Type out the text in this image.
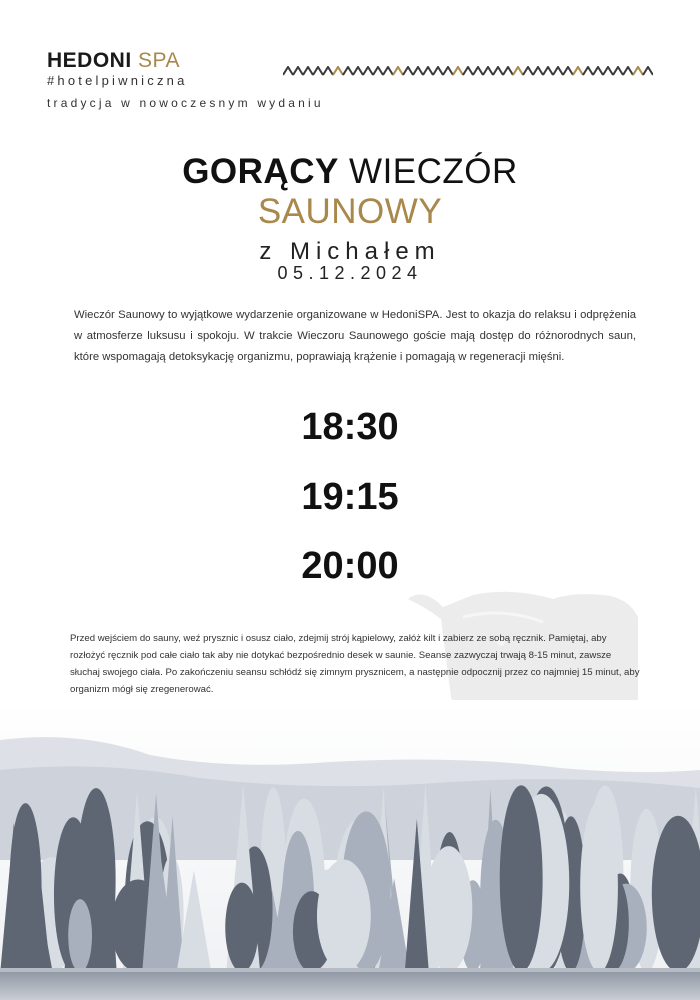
HEDONI SPA
#hotelpiwniczna
tradycja w nowoczesnym wydaniu
GORĄCY WIECZÓR
SAUNOWY
z Michałem
05.12.2024
Wieczór Saunowy to wyjątkowe wydarzenie organizowane w HedoniSPA. Jest to okazja do relaksu i odprężenia w atmosferze luksusu i spokoju. W trakcie Wieczoru Saunowego goście mają dostęp do różnorodnych saun, które wspomagają detoksykację organizmu, poprawiają krążenie i pomagają w regeneracji mięśni.
18:30
19:15
20:00

Przed wejściem do sauny, weź prysznic i osusz ciało, zdejmij strój kąpielowy, załóż kilt i zabierz ze sobą ręcznik. Pamiętaj, aby rozłożyć ręcznik pod całe ciało tak aby nie dotykać bezpośrednio desek w saunie. Seanse zazwyczaj trwają 8-15 minut, zawsze słuchaj swojego ciała. Po zakończeniu seansu schłódź się zimnym prysznicem, a następnie odpocznij przez co najmniej 15 minut, aby organizm mógł się zregenerować.
